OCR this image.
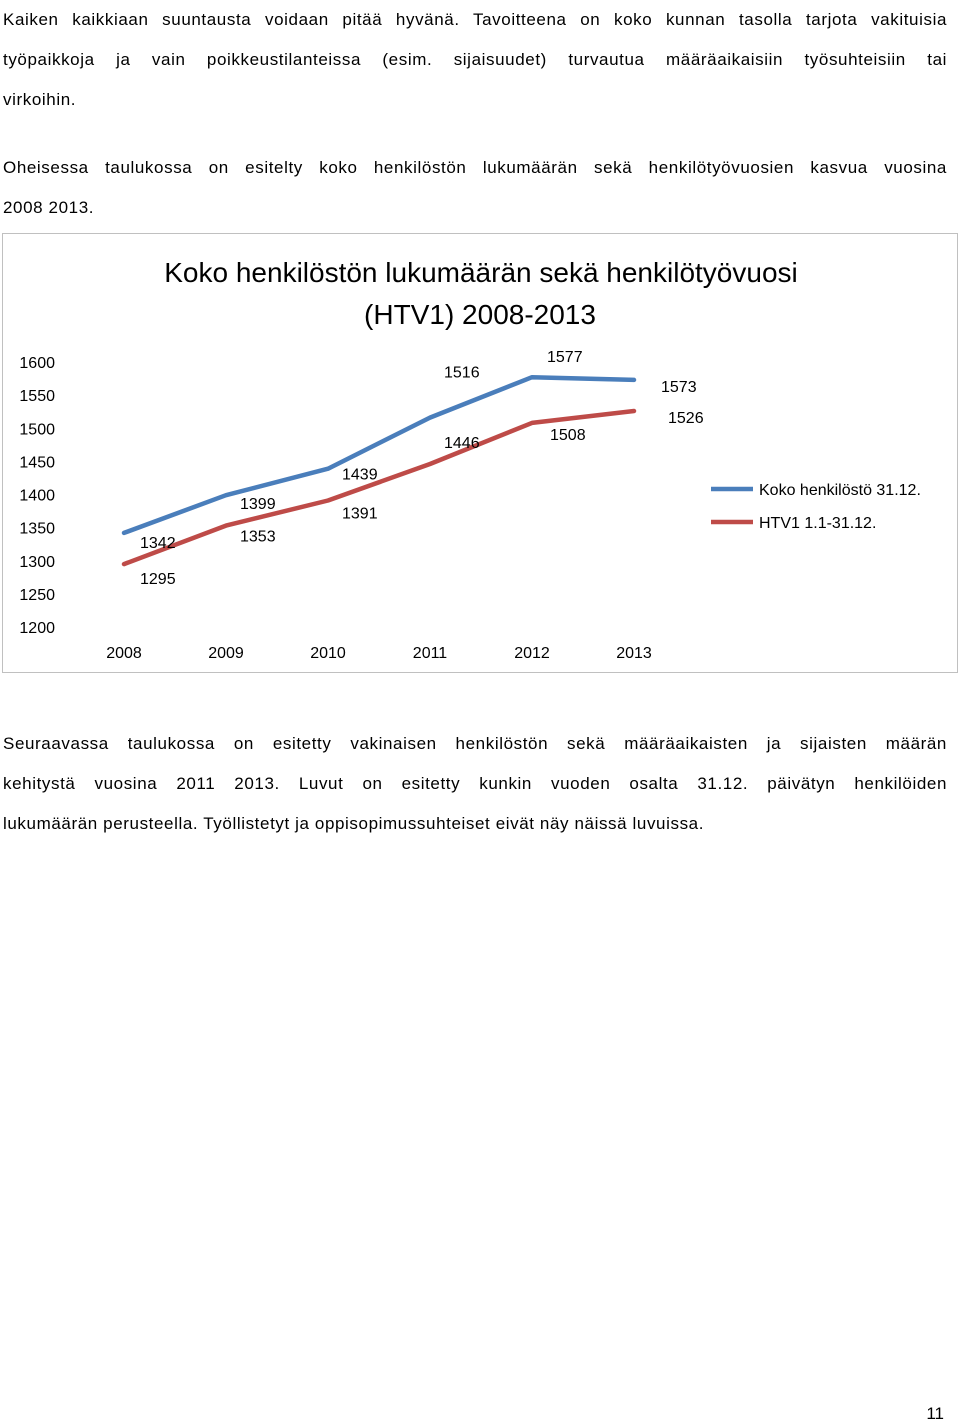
Kaiken kaikkiaan suuntausta voidaan pitää hyvänä. Tavoitteena on koko kunnan tasolla tarjota vakituisia
työpaikkoja ja vain poikkeustilanteissa (esim. sijaisuudet) turvautua määräaikaisiin työsuhteisiin tai
virkoihin.
Oheisessa taulukossa on esitelty koko henkilöstön lukumäärän sekä henkilötyövuosien kasvua vuosina
2008 2013.
Koko henkilöstön lukumäärän sekä henkilötyövuosi
(HTV1) 2008-2013
1200
1250
1300
1350
1400
1450
1500
1550
1600
2008	2009	2010	2011	2012	2013
1342
1399
1439
1516
1577
1573
1295
1353
1391
1446	1508
1526
Koko henkilöstö 31.12.
HTV1 1.1-31.12.
Seuraavassa taulukossa on esitetty vakinaisen henkilöstön sekä määräaikaisten ja sijaisten määrän
kehitystä vuosina 2011 2013. Luvut on esitetty kunkin vuoden osalta 31.12. päivätyn henkilöiden
lukumäärän perusteella. Työllistetyt ja oppisopimussuhteiset eivät näy näissä luvuissa.
11
